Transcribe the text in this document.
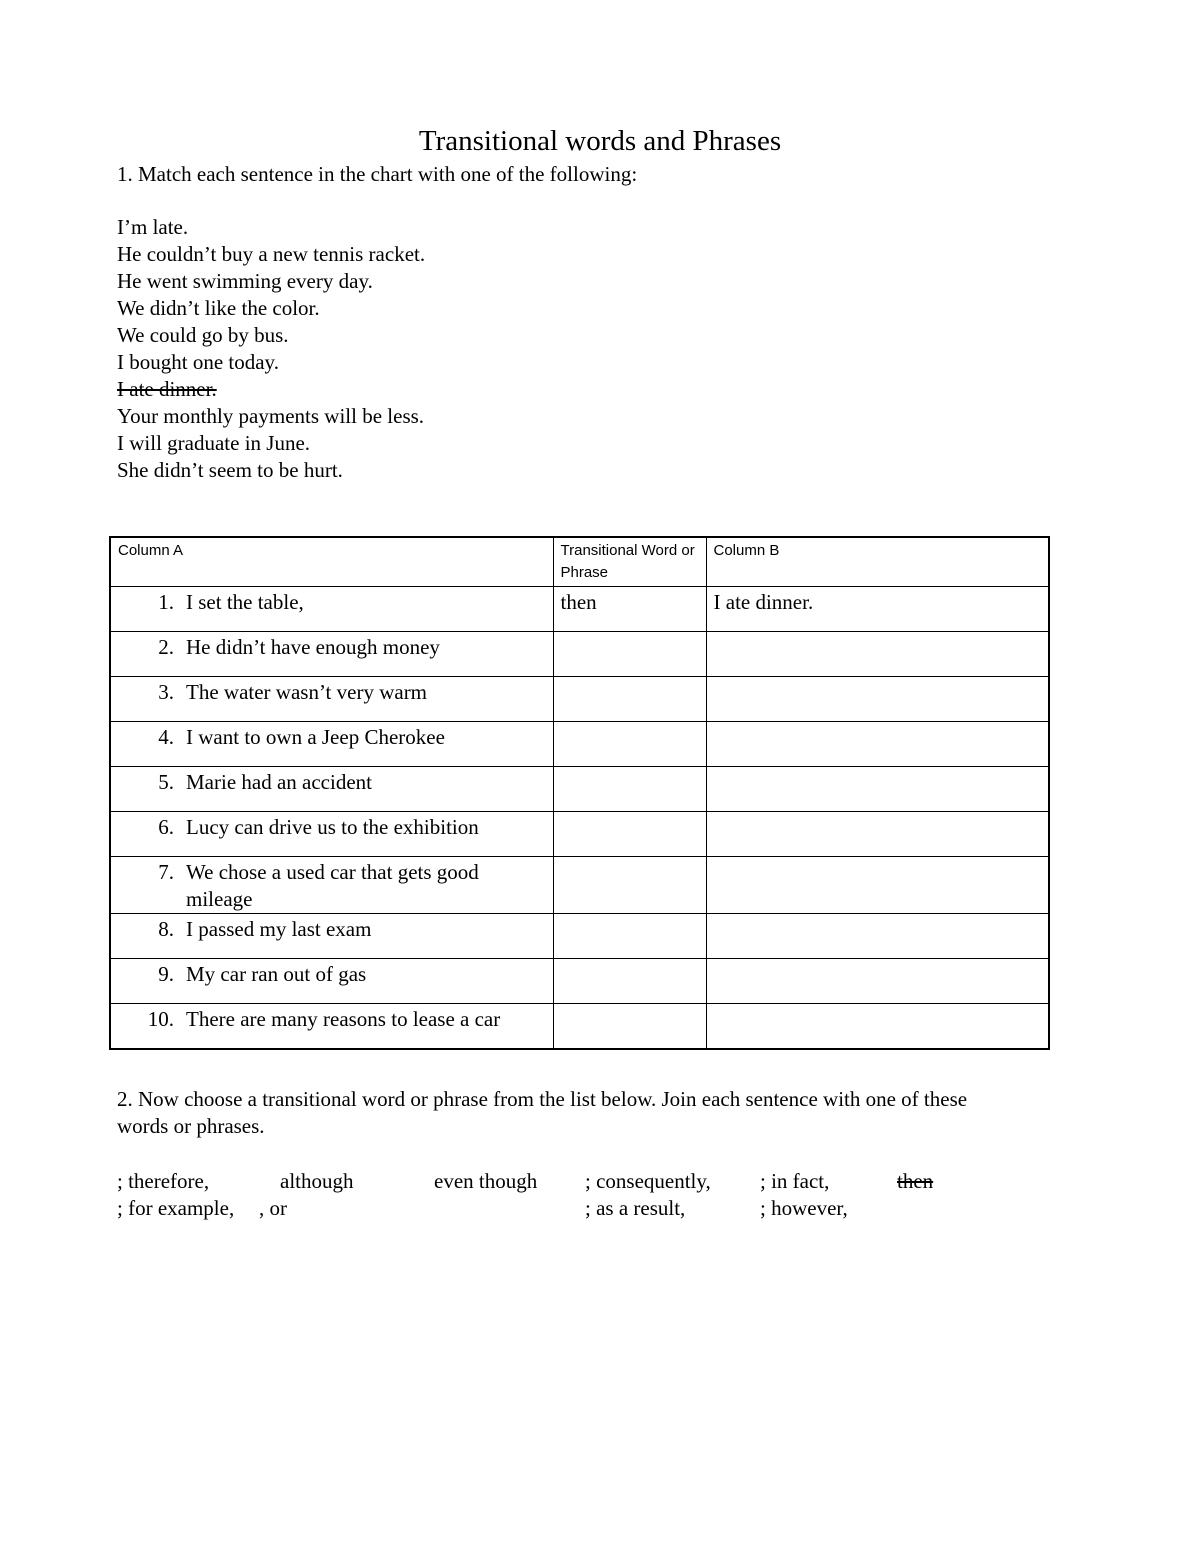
Transitional words and Phrases
1. Match each sentence in the chart with one of the following:
I’m late.
He couldn’t buy a new tennis racket.
He went swimming every day.
We didn’t like the color.
We could go by bus.
I bought one today.
I ate dinner.
Your monthly payments will be less.
I will graduate in June.
She didn’t seem to be hurt.
Column A	Transitional Word or Phrase	Column B

1. I set the table,	then	I ate dinner.

2. He didn’t have enough money		

3. The water wasn’t very warm		

4. I want to own a Jeep Cherokee		

5. Marie had an accident		

6. Lucy can drive us to the exhibition		

7. We chose a used car that gets good mileage		

8. I passed my last exam		

9. My car ran out of gas		

10. There are many reasons to lease a car		

2. Now choose a transitional word or phrase from the list below. Join each sentence with one of these
words or phrases.
; therefore,	although	even though ; consequently, ; in fact,	then
; for example, , or	; as a result,	; however,
